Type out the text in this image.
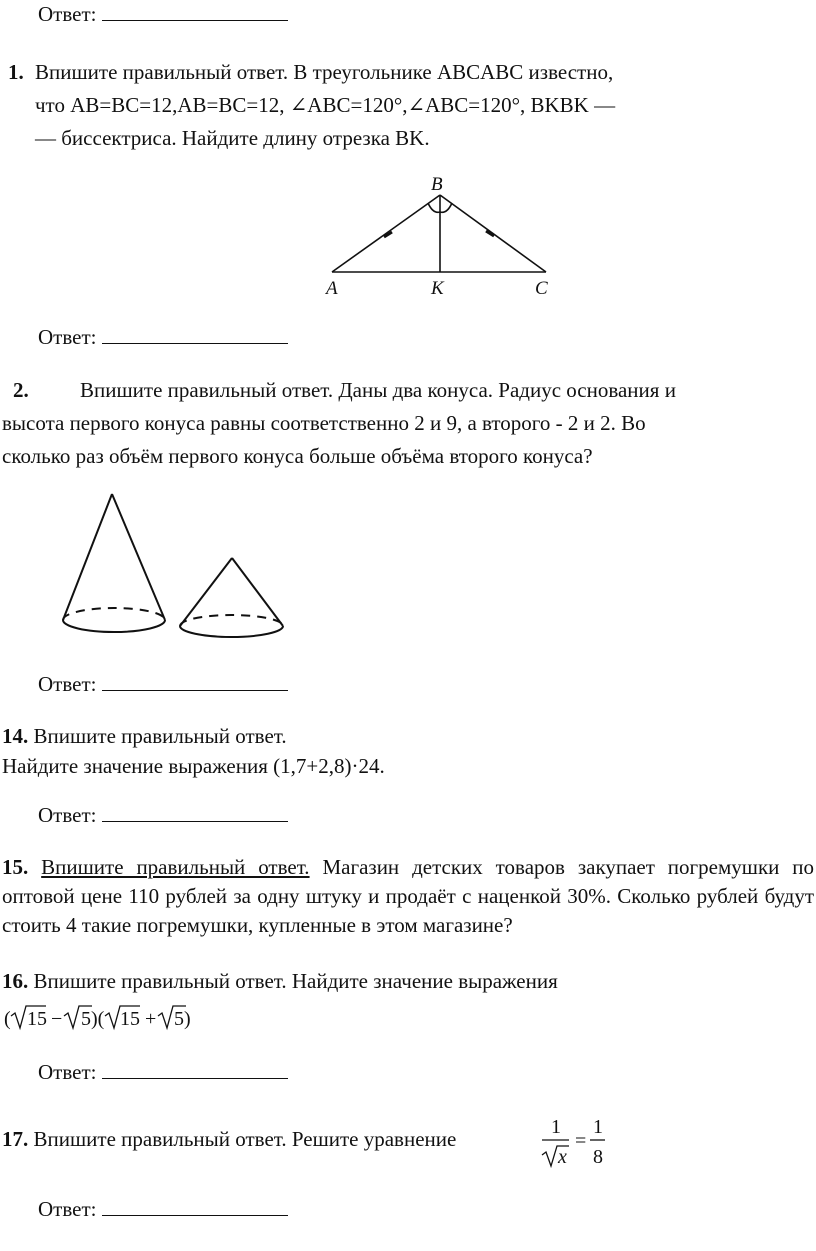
Ответ:
1. Впишите правильный ответ. В треугольнике ABCABC известно,
что AB=BC=12,AB=BC=12, ∠ABC=120°,∠ABC=120°, BKBK —
— биссектриса. Найдите длину отрезка BK.
B
A	K	C
Ответ:
2. Впишите правильный ответ. Даны два конуса. Радиус основания и
высота первого конуса равны соответственно 2 и 9, а второго - 2 и 2. Во
сколько раз объём первого конуса больше объёма второго конуса?
Ответ:
14. Впишите правильный ответ.
Найдите значение выражения (1,7+2,8)·24.
Ответ:
15. Впишите правильный ответ. Магазин детских товаров закупает погремушки по оптовой цене 110 рублей за одну штуку и продаёт с наценкой 30%. Сколько рублей будут стоить 4 такие погремушки, купленные в этом магазине?
16. Впишите правильный ответ. Найдите значение выражения
( 15 − 5 )( 15 + 5 )
Ответ:
17. Впишите правильный ответ. Решите уравнение	1
x
=
1
8
Ответ:
